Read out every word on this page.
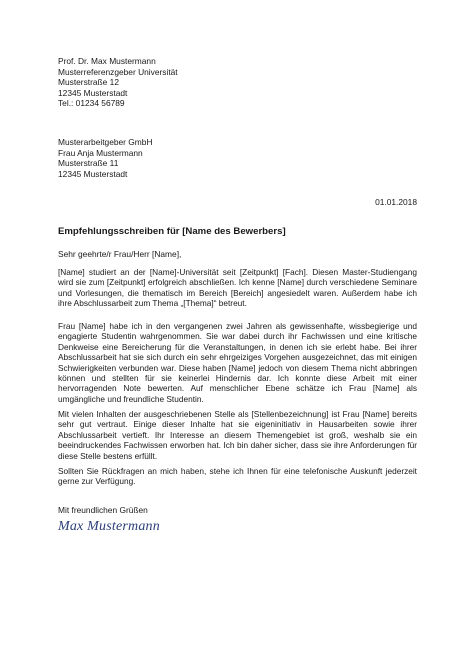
Prof. Dr. Max Mustermann
Musterreferenzgeber Universität
Musterstraße 12
12345 Musterstadt
Tel.: 01234 56789
Musterarbeitgeber GmbH
Frau Anja Mustermann
Musterstraße 11
12345 Musterstadt
01.01.2018
Empfehlungsschreiben für [Name des Bewerbers]
Sehr geehrte/r Frau/Herr [Name],
[Name] studiert an der [Name]-Universität seit [Zeitpunkt] [Fach]. Diesen Master-Studiengang wird sie zum [Zeitpunkt] erfolgreich abschließen. Ich kenne [Name] durch verschiedene Seminare und Vorlesungen, die thematisch im Bereich [Bereich] angesiedelt waren. Außerdem habe ich ihre Abschlussarbeit zum Thema „[Thema]“ betreut.
Frau [Name] habe ich in den vergangenen zwei Jahren als gewissenhafte, wissbegierige und engagierte Studentin wahrgenommen. Sie war dabei durch ihr Fachwissen und eine kritische Denkweise eine Bereicherung für die Veranstaltungen, in denen ich sie erlebt habe. Bei ihrer Abschlussarbeit hat sie sich durch ein sehr ehrgeiziges Vorgehen ausgezeichnet, das mit einigen Schwierigkeiten verbunden war. Diese haben [Name] jedoch von diesem Thema nicht abbringen können und stellten für sie keinerlei Hindernis dar. Ich konnte diese Arbeit mit einer hervorragenden Note bewerten. Auf menschlicher Ebene schätze ich Frau [Name] als umgängliche und freundliche Studentin.
Mit vielen Inhalten der ausgeschriebenen Stelle als [Stellenbezeichnung] ist Frau [Name] bereits sehr gut vertraut. Einige dieser Inhalte hat sie eigeninitiativ in Hausarbeiten sowie ihrer Abschlussarbeit vertieft. Ihr Interesse an diesem Themengebiet ist groß, weshalb sie ein beeindruckendes Fachwissen erworben hat. Ich bin daher sicher, dass sie ihre Anforderungen für diese Stelle bestens erfüllt.
Sollten Sie Rückfragen an mich haben, stehe ich Ihnen für eine telefonische Auskunft jederzeit gerne zur Verfügung.
Mit freundlichen Grüßen
Max Mustermann
